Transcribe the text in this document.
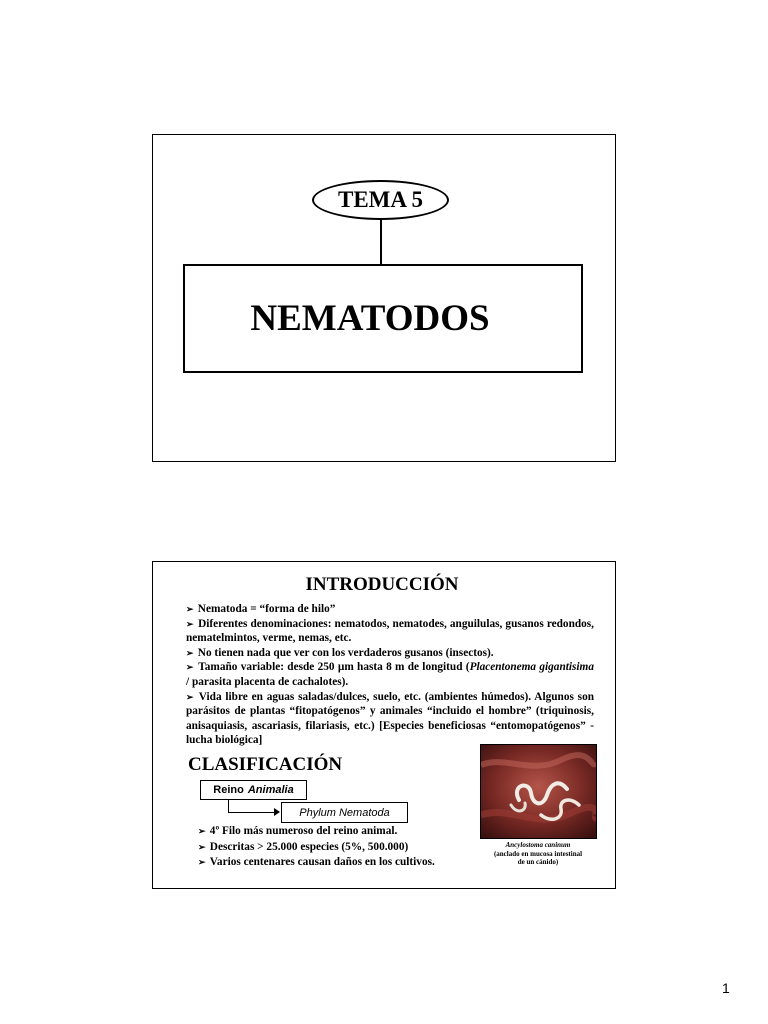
TEMA 5
NEMATODOS
INTRODUCCIÓN

➢ Nematoda = “forma de hilo”

➢ Diferentes denominaciones: nematodos, nematodes, anguilulas, gusanos redondos, nematelmintos, verme, nemas, etc.

➢ No tienen nada que ver con los verdaderos gusanos (insectos).

➢ Tamaño variable: desde 250 µm hasta 8 m de longitud (Placentonema gigantisima / parasita placenta de cachalotes).

➢ Vida libre en aguas saladas/dulces, suelo, etc. (ambientes húmedos). Algunos son parásitos de plantas “fitopatógenos” y animales “incluido el hombre” (triquinosis, anisaquiasis, ascariasis, filariasis, etc.) [Especies beneficiosas “entomopatógenos” - lucha biológica]

CLASIFICACIÓN
Reino Animalia
Phylum Nematoda

➢ 4º Filo más numeroso del reino animal.

➢ Descritas > 25.000 especies (5%, 500.000)

➢ Varios centenares causan daños en los cultivos.

Ancylostoma caninum
(anclado en mucosa intestinal
de un cánido)
1
